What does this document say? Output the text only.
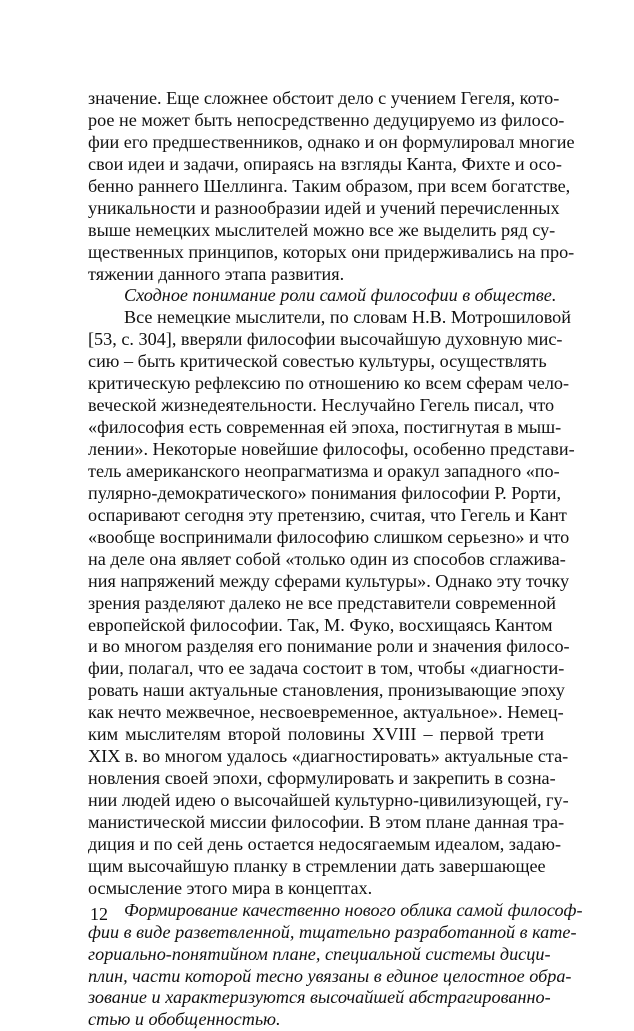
значение. Еще сложнее обстоит дело с учением Гегеля, кото-
рое не может быть непосредственно дедуцируемо из филосо-
фии его предшественников, однако и он формулировал многие
свои идеи и задачи, опираясь на взгляды Канта, Фихте и осо-
бенно раннего Шеллинга. Таким образом, при всем богатстве,
уникальности и разнообразии идей и учений перечисленных
выше немецких мыслителей можно все же выделить ряд су-
щественных принципов, которых они придерживались на про-
тяжении данного этапа развития.
Сходное понимание роли самой философии в обществе.
Все немецкие мыслители, по словам Н.В. Мотрошиловой
[53, с. 304], вверяли философии высочайшую духовную мис-
сию – быть критической совестью культуры, осуществлять
критическую рефлексию по отношению ко всем сферам чело-
веческой жизнедеятельности. Неслучайно Гегель писал, что
«философия есть современная ей эпоха, постигнутая в мыш-
лении». Некоторые новейшие философы, особенно представи-
тель американского неопрагматизма и оракул западного «по-
пулярно-демократического» понимания философии Р. Рорти,
оспаривают сегодня эту претензию, считая, что Гегель и Кант
«вообще воспринимали философию слишком серьезно» и что
на деле она являет собой «только один из способов сглажива-
ния напряжений между сферами культуры». Однако эту точку
зрения разделяют далеко не все представители современной
европейской философии. Так, М. Фуко, восхищаясь Кантом
и во многом разделяя его понимание роли и значения филосо-
фии, полагал, что ее задача состоит в том, чтобы «диагности-
ровать наши актуальные становления, пронизывающие эпоху
как нечто межвечное, несвоевременное, актуальное». Немец-
ким мыслителям второй половины XVIII – первой трети
XIX в. во многом удалось «диагностировать» актуальные ста-
новления своей эпохи, сформулировать и закрепить в созна-
нии людей идею о высочайшей культурно-цивилизующей, гу-
манистической миссии философии. В этом плане данная тра-
диция и по сей день остается недосягаемым идеалом, задаю-
щим высочайшую планку в стремлении дать завершающее
осмысление этого мира в концептах.
Формирование качественно нового облика самой философ-
фии в виде разветвленной, тщательно разработанной в кате-
гориально-понятийном плане, специальной системы дисци-
плин, части которой тесно увязаны в единое целостное обра-
зование и характеризуются высочайшей абстрагированно-
стью и обобщенностью.
12
